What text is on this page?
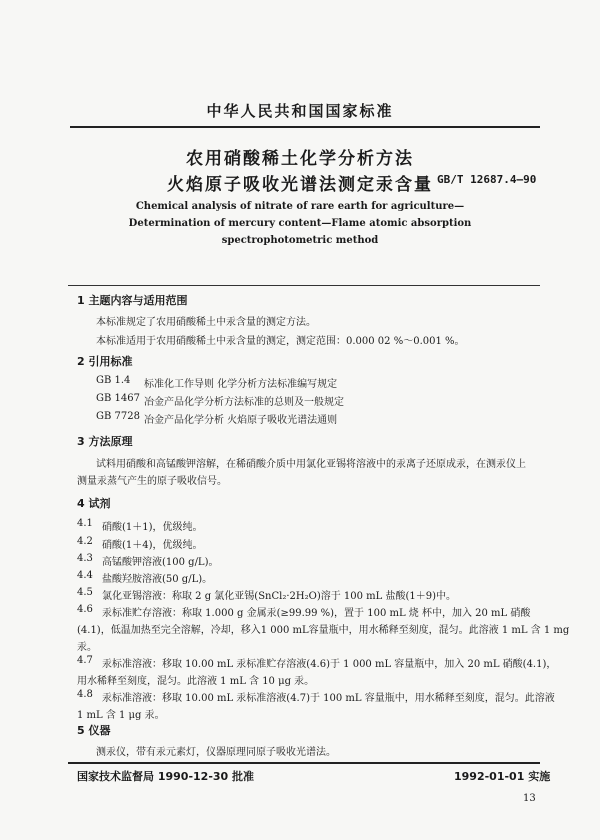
中华人民共和国国家标准
农用硝酸稀土化学分析方法
火焰原子吸收光谱法测定汞含量 GB/T 12687.4—90
Chemical analysis of nitrate of rare earth for agriculture—
Determination of mercury content—Flame atomic absorption
spectrophotometric method
1 主题内容与适用范围
本标准规定了农用硝酸稀土中汞含量的测定方法。
本标准适用于农用硝酸稀土中汞含量的测定，测定范围：0.000 02 %～0.001 %。
2 引用标准
GB 1.4 标准化工作导则 化学分析方法标准编写规定
GB 1467 冶金产品化学分析方法标准的总则及一般规定
GB 7728 冶金产品化学分析 火焰原子吸收光谱法通则
3 方法原理
试料用硝酸和高锰酸钾溶解，在稀硝酸介质中用氯化亚锡将溶液中的汞离子还原成汞，在测汞仪上
测量汞蒸气产生的原子吸收信号。
4 试剂
4.1 硝酸(1＋1)，优级纯。
4.2 硝酸(1＋4)，优级纯。
4.3 高锰酸钾溶液(100 g/L)。
4.4 盐酸羟胺溶液(50 g/L)。
4.5 氯化亚锡溶液：称取 2 g 氯化亚锡(SnCl₂·2H₂O)溶于 100 mL 盐酸(1＋9)中。
4.6 汞标准贮存溶液：称取 1.000 g 金属汞(≥99.99 %)，置于 100 mL 烧 杯中，加入 20 mL 硝酸
(4.1)，低温加热至完全溶解，冷却，移入1 000 mL容量瓶中，用水稀释至刻度，混匀。此溶液 1 mL 含 1 mg
汞。
4.7 汞标准溶液：移取 10.00 mL 汞标准贮存溶液(4.6)于 1 000 mL 容量瓶中，加入 20 mL 硝酸(4.1)，
用水稀释至刻度，混匀。此溶液 1 mL 含 10 μg 汞。
4.8 汞标准溶液：移取 10.00 mL 汞标准溶液(4.7)于 100 mL 容量瓶中，用水稀释至刻度，混匀。此溶液
1 mL 含 1 μg 汞。
5 仪器
测汞仪，带有汞元素灯，仪器原理同原子吸收光谱法。
国家技术监督局 1990-12-30 批准	1992-01-01 实施
13
